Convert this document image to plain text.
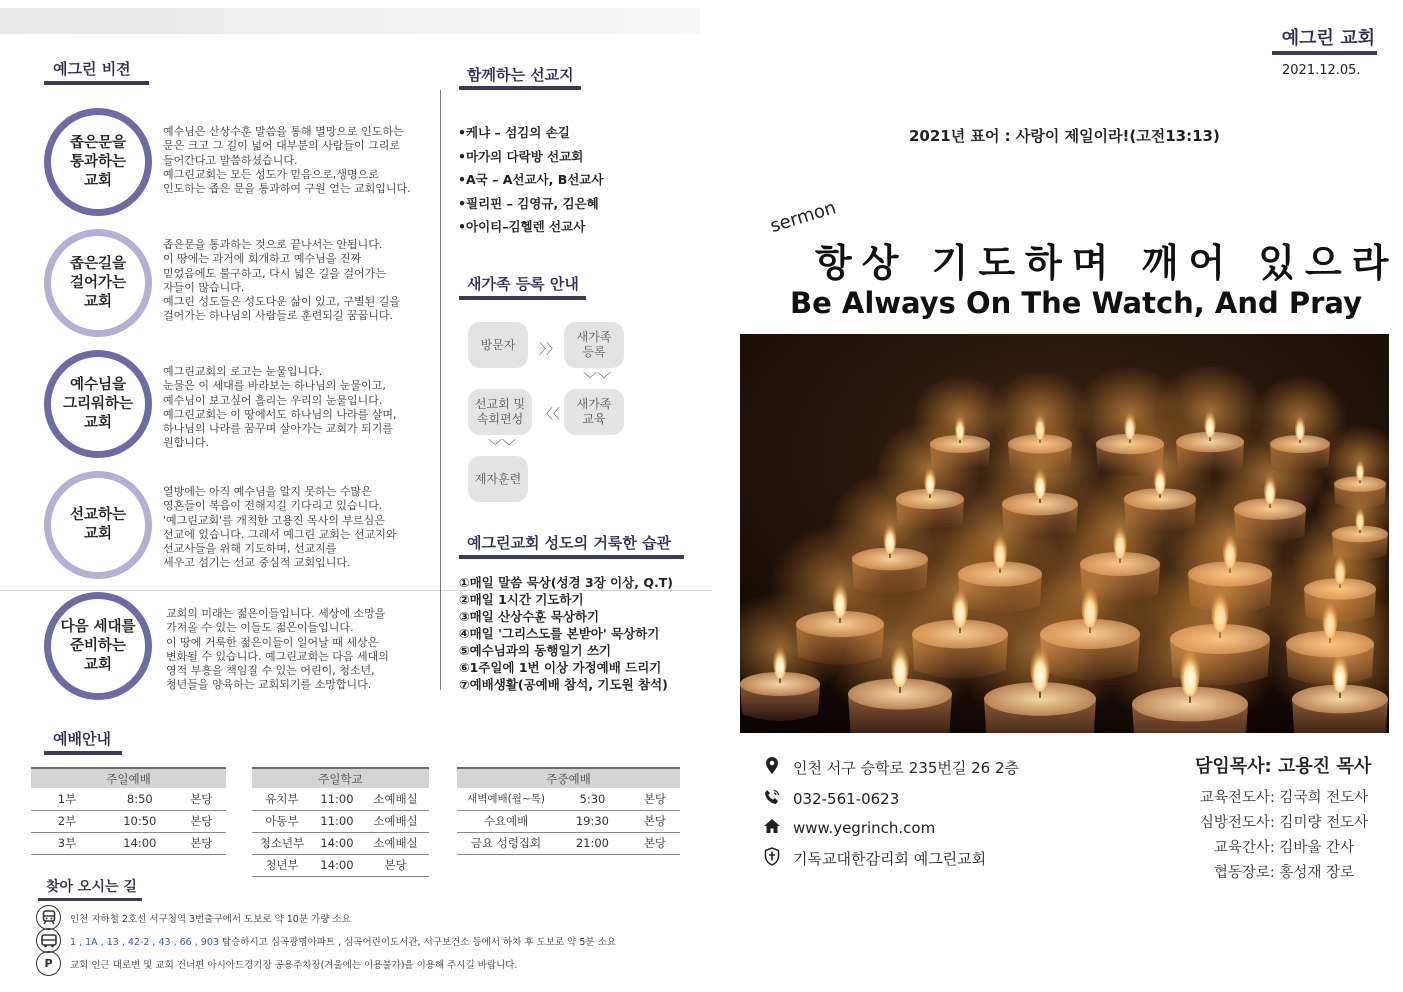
예그린 비젼
좁은문을
통과하는
교회
예수님은 산상수훈 말씀을 통해 멸망으로 인도하는
문은 크고 그 길이 넓어 대부분의 사람들이 그리로
들어간다고 말씀하셨습니다.
예그린교회는 모든 성도가 믿음으로,생명으로
인도하는 좁은 문을 통과하여 구원 얻는 교회입니다.
좁은길을
걸어가는
교회
좁은문을 통과하는 것으로 끝나서는 안됩니다.
이 땅에는 과거에 회개하고 예수님을 진짜
믿었음에도 불구하고, 다시 넓은 길을 걸어가는
자들이 많습니다.
예그린 성도들은 성도다운 삶이 있고, 구별된 길을
걸어가는 하나님의 사람들로 훈련되길 꿈꿉니다.
예수님을
그리워하는
교회
예그린교회의 로고는 눈물입니다.
눈물은 이 세대를 바라보는 하나님의 눈물이고,
예수님이 보고싶어 흘리는 우리의 눈물입니다.
예그린교회는 이 땅에서도 하나님의 나라를 살며,
하나님의 나라를 꿈꾸며 살아가는 교회가 되기를
원합니다.
선교하는
교회
열방에는 아직 예수님을 알지 못하는 수많은
영혼들이 복음이 전해지길 기다리고 있습니다.
'예그린교회'를 개척한 고용진 목사의 부르심은
선교에 있습니다. 그래서 예그린 교회는 선교지와
선교사들을 위해 기도하며, 선교지를
세우고 섬기는 선교 중심적 교회입니다.
다음 세대를
준비하는
교회
교회의 미래는 젊은이들입니다. 세상에 소망을
가져올 수 있는 이들도 젊은이들입니다.
이 땅에 거룩한 젊은이들이 일어날 때 세상은
변화될 수 있습니다. 예그린교회는 다음 세대의
영적 부흥을 책임질 수 있는 어린이, 청소년,
청년들을 양육하는 교회되기를 소망합니다.
함께하는 선교지
•케냐 – 섬김의 손길
•마가의 다락방 선교회
•A국 – A선교사, B선교사
•필리핀 – 김영규, 김은혜
•아이티–김헬렌 선교사
새가족 등록 안내
방문자	〉〉
새가족
등록
﹀﹀
새가족
교육
〈〈
선교회 및
속회편성
﹀﹀
제자훈련
예그린교회 성도의 거룩한 습관
①매일 말씀 묵상(성경 3장 이상, Q.T)
②매일 1시간 기도하기
③매일 산상수훈 묵상하기
④매일 '그리스도를 본받아' 묵상하기
⑤예수님과의 동행일기 쓰기
⑥1주일에 1번 이상 가정예배 드리기
⑦예배생활(공예배 참석, 기도원 참석)
예배안내
주일예배		
1부	8:50	본당
2부	10:50	본당
3부	14:00	본당
주일학교		
유치부	11:00	소예배실
아동부	11:00	소예배실
청소년부	14:00	소예배실
청년부	14:00	본당
주중예배		
새벽예배(월~목)	5:30	본당
수요예배	19:30	본당
금요 성령집회	21:00	본당
찾아 오시는 길
인천 지하철 2호선 서구청역 3번출구에서 도보로 약 10분 가량 소요
1 , 1A , 13 , 42-2 , 43 , 66 , 903 탑승하시고 심곡광명아파트 , 심곡어린이도서관, 서구보건소 등에서 하차 후 도보로 약 5분 소요
P	교회 인근 대로변 및 교회 건너편 아시아드경기장 공용주차장(겨울에는 이용불가)을 이용해 주시길 바랍니다.
예그린 교회
2021.12.05.
2021년 표어 : 사랑이 제일이라!(고전13:13)
sermon
항상 기도하며 깨어 있으라
Be Always On The Watch, And Pray
인천 서구 승학로 235번길 26 2층
032-561-0623
www.yegrinch.com
기독교대한감리회 예그린교회
담임목사: 고용진 목사
교육전도사: 김국희 전도사
심방전도사: 김미량 전도사
교육간사: 김바울 간사
협동장로: 홍성재 장로
